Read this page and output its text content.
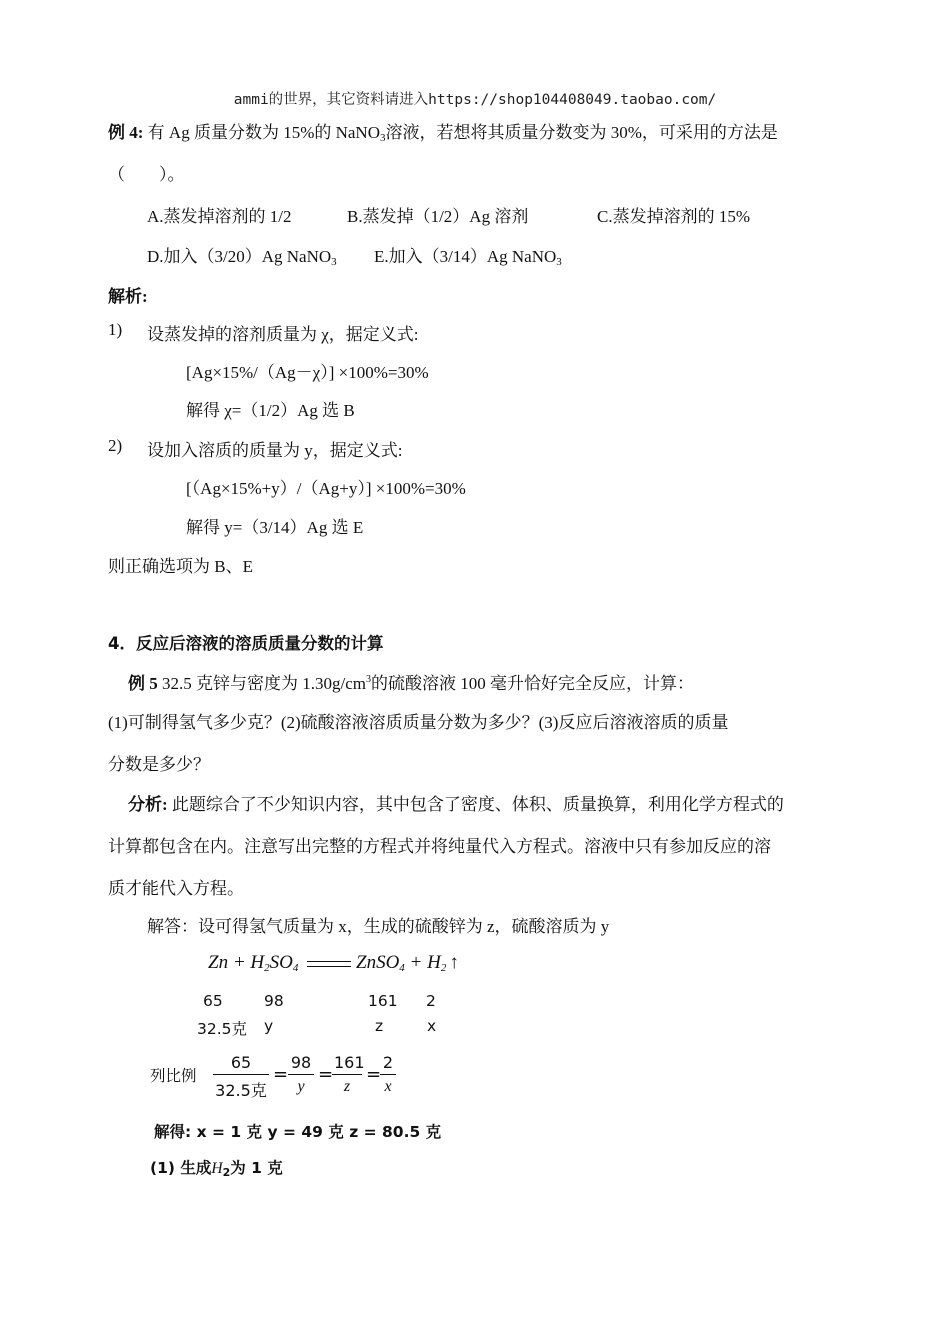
ammi的世界，其它资料请进入https://shop104408049.taobao.com/
例 4: 有 Ag 质量分数为 15%的 NaNO$_3$溶液，若想将其质量分数变为 30%，可采用的方法是
（　　）。
A.蒸发掉溶剂的 1/2	B.蒸发掉（1/2）Ag 溶剂	C.蒸发掉溶剂的 15%
D.加入（3/20）Ag NaNO$_3$ E.加入（3/14）Ag NaNO$_3$
解析:
1) 设蒸发掉的溶剂质量为 χ，据定义式:
[Ag×15%/（Ag－χ）] ×100%=30%
解得 χ=（1/2）Ag 选 B
2) 设加入溶质的质量为 y，据定义式:
[（Ag×15%+y）/（Ag+y）] ×100%=30%
解得 y=（3/14）Ag 选 E
则正确选项为 B、E
4．反应后溶液的溶质质量分数的计算
例 5 32.5 克锌与密度为 $1.30g/cm^3$的硫酸溶液 100 毫升恰好完全反应，计算：
(1)可制得氢气多少克？(2)硫酸溶液溶质质量分数为多少？(3)反应后溶液溶质的质量
分数是多少？
分析: 此题综合了不少知识内容，其中包含了密度、体积、质量换算，利用化学方程式的
计算都包含在内。注意写出完整的方程式并将纯量代入方程式。溶液中只有参加反应的溶
质才能代入方程。
解答：设可得氢气质量为 x，生成的硫酸锌为 z，硫酸溶质为 y
$Zn + H_2SO_4$	ZnSO$_4$ + $H_2$ ↑
65	98	161 2
32.5克 y	z	x
列比例
65
32.5克
= $\frac{98}{y}$ =
$\frac{161}{z}$ =
$\frac{2}{x}$
解得: x = 1 克 y = 49 克 z = 80.5 克
(1) 生成$H_2$为 1 克
